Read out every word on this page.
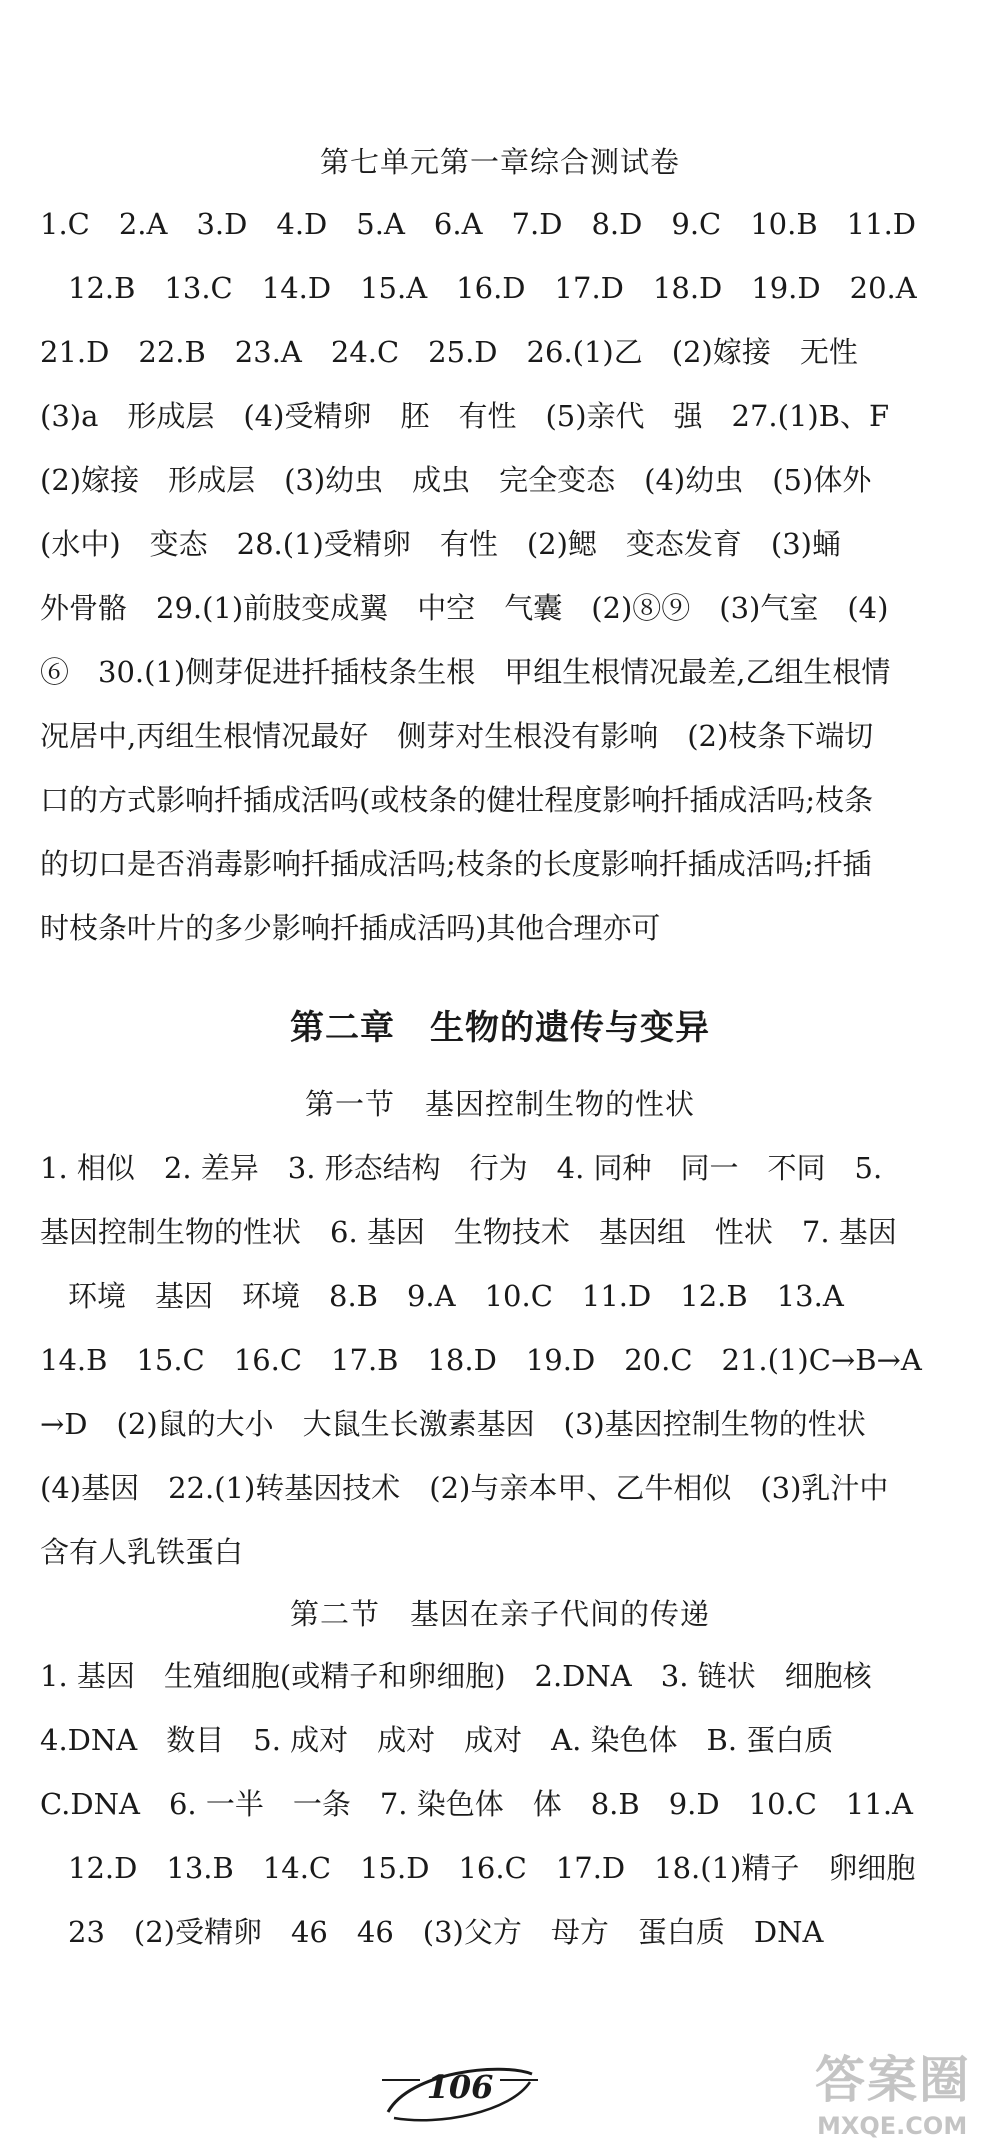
第七单元第一章综合测试卷
1.C　2.A　3.D　4.D　5.A　6.A　7.D　8.D　9.C　10.B　11.D
12.B　13.C　14.D　15.A　16.D　17.D　18.D　19.D　20.A
21.D　22.B　23.A　24.C　25.D　26.(1)乙　(2)嫁接　无性
(3)a　形成层　(4)受精卵　胚　有性　(5)亲代　强　27.(1)B、F
(2)嫁接　形成层　(3)幼虫　成虫　完全变态　(4)幼虫　(5)体外
(水中)　变态　28.(1)受精卵　有性　(2)鳃　变态发育　(3)蛹
外骨骼　29.(1)前肢变成翼　中空　气囊　(2)⑧⑨　(3)气室　(4)
⑥　30.(1)侧芽促进扦插枝条生根　甲组生根情况最差,乙组生根情
况居中,丙组生根情况最好　侧芽对生根没有影响　(2)枝条下端切
口的方式影响扦插成活吗(或枝条的健壮程度影响扦插成活吗;枝条
的切口是否消毒影响扦插成活吗;枝条的长度影响扦插成活吗;扦插
时枝条叶片的多少影响扦插成活吗)其他合理亦可
第二章　生物的遗传与变异
第一节　基因控制生物的性状
1. 相似　2. 差异　3. 形态结构　行为　4. 同种　同一　不同　5.
基因控制生物的性状　6. 基因　生物技术　基因组　性状　7. 基因
环境　基因　环境　8.B　9.A　10.C　11.D　12.B　13.A
14.B　15.C　16.C　17.B　18.D　19.D　20.C　21.(1)C→B→A
→D　(2)鼠的大小　大鼠生长激素基因　(3)基因控制生物的性状
(4)基因　22.(1)转基因技术　(2)与亲本甲、乙牛相似　(3)乳汁中
含有人乳铁蛋白
第二节　基因在亲子代间的传递
1. 基因　生殖细胞(或精子和卵细胞)　2.DNA　3. 链状　细胞核
4.DNA　数目　5. 成对　成对　成对　A. 染色体　B. 蛋白质
C.DNA　6. 一半　一条　7. 染色体　体　8.B　9.D　10.C　11.A
12.D　13.B　14.C　15.D　16.C　17.D　18.(1)精子　卵细胞
23　(2)受精卵　46　46　(3)父方　母方　蛋白质　DNA
106	答案圈
MXQE.COM
